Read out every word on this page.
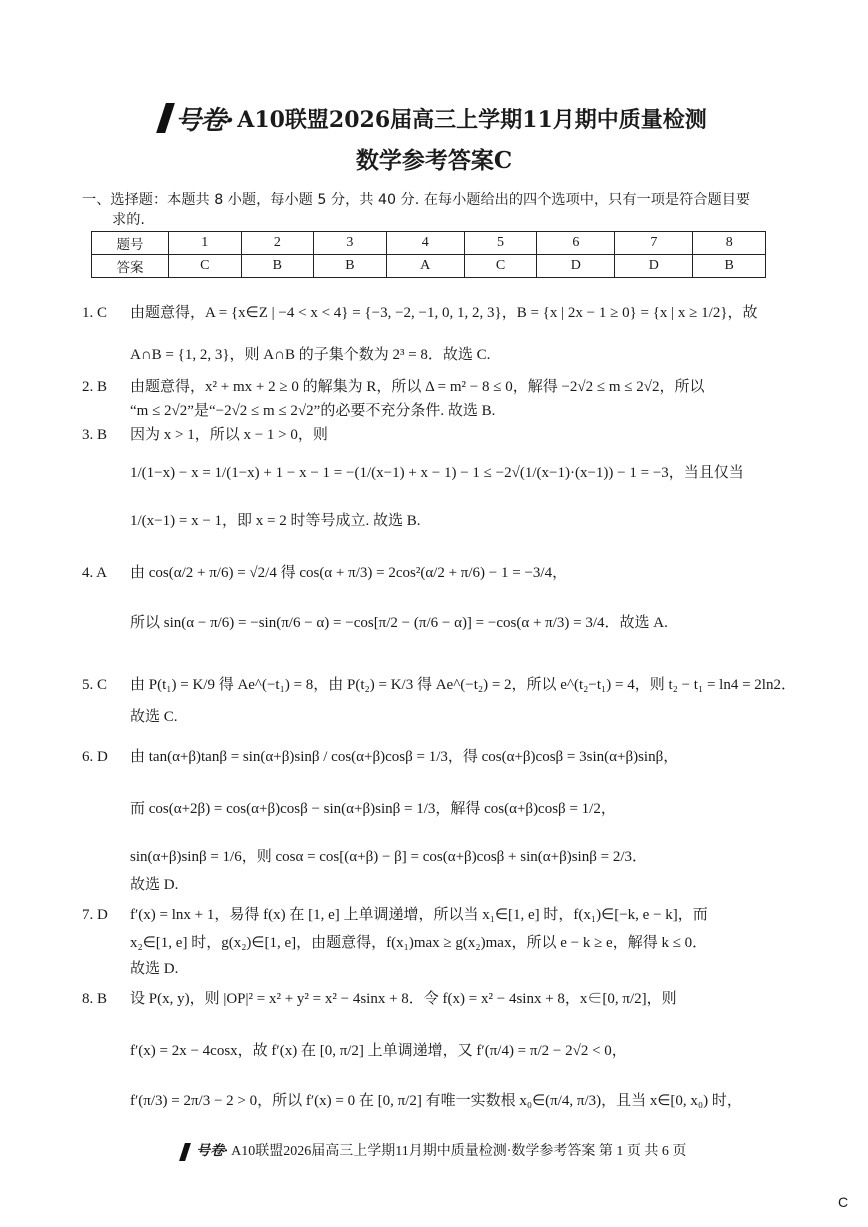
号卷· A10联盟2026届高三上学期11月期中质量检测
数学参考答案C
一、选择题：本题共 8 小题，每小题 5 分，共 40 分. 在每小题给出的四个选项中，只有一项是符合题目要
求的.
题号	1	2	3	4	5	6	7	8
答案	C	B	B	A	C	D	D	B
1. C 由题意得，A = {x∈Z | −4 < x < 4} = {−3, −2, −1, 0, 1, 2, 3}，B = {x | 2x − 1 ≥ 0} = {x | x ≥ 1/2}，故
A∩B = {1, 2, 3}，则 A∩B 的子集个数为 2³ = 8．故选 C.
2. B 由题意得，x² + mx + 2 ≥ 0 的解集为 R，所以 Δ = m² − 8 ≤ 0，解得 −2√2 ≤ m ≤ 2√2，所以
“m ≤ 2√2”是“−2√2 ≤ m ≤ 2√2”的必要不充分条件. 故选 B.
3. B 因为 x > 1，所以 x − 1 > 0，则
1/(1−x) − x = 1/(1−x) + 1 − x − 1 = −(1/(x−1) + x − 1) − 1 ≤ −2√(1/(x−1)·(x−1)) − 1 = −3，当且仅当
1/(x−1) = x − 1，即 x = 2 时等号成立. 故选 B.
4. A 由 cos(α/2 + π/6) = √2/4 得 cos(α + π/3) = 2cos²(α/2 + π/6) − 1 = −3/4，
所以 sin(α − π/6) = −sin(π/6 − α) = −cos[π/2 − (π/6 − α)] = −cos(α + π/3) = 3/4．故选 A.
5. C 由 P(t₁) = K/9 得 Ae^(−t₁) = 8，由 P(t₂) = K/3 得 Ae^(−t₂) = 2，所以 e^(t₂−t₁) = 4，则 t₂ − t₁ = ln4 = 2ln2．
故选 C.
6. D 由 tan(α+β)tanβ = sin(α+β)sinβ / cos(α+β)cosβ = 1/3，得 cos(α+β)cosβ = 3sin(α+β)sinβ，
而 cos(α+2β) = cos(α+β)cosβ − sin(α+β)sinβ = 1/3，解得 cos(α+β)cosβ = 1/2，
sin(α+β)sinβ = 1/6，则 cosα = cos[(α+β) − β] = cos(α+β)cosβ + sin(α+β)sinβ = 2/3．
故选 D.
7. D f′(x) = lnx + 1，易得 f(x) 在 [1, e] 上单调递增，所以当 x₁∈[1, e] 时，f(x₁)∈[−k, e − k]，而
x₂∈[1, e] 时，g(x₂)∈[1, e]，由题意得，f(x₁)max ≥ g(x₂)max，所以 e − k ≥ e，解得 k ≤ 0．
故选 D.
8. B 设 P(x, y)，则 |OP|² = x² + y² = x² − 4sinx + 8．令 f(x) = x² − 4sinx + 8，x∈[0, π/2]，则
f′(x) = 2x − 4cosx，故 f′(x) 在 [0, π/2] 上单调递增，又 f′(π/4) = π/2 − 2√2 < 0，
f′(π/3) = 2π/3 − 2 > 0，所以 f′(x) = 0 在 [0, π/2] 有唯一实数根 x₀∈(π/4, π/3)，且当 x∈[0, x₀) 时，
号卷· A10联盟2026届高三上学期11月期中质量检测·数学参考答案 第 1 页 共 6 页
C
